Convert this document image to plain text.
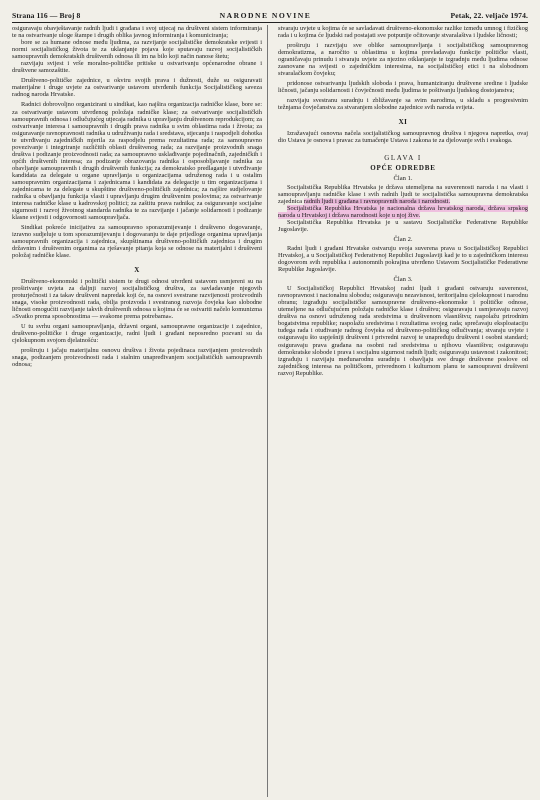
Strana 116 — Broj 8	NARODNE NOVINE	Petak, 22. veljače 1974.

osiguravaju obavještavanje radnih ljudi i građana i svoj utjecaj na društveni sistem informiranja te na ostvarivanje uloge štampe i drugih oblika javnog informiranja i komuniciranja;

bore se za humane odnose među ljudima, za razvijanje socijalističke demokratske svijesti i normi socijalističkog života te za uklanjanje pojava koje sputavaju razvoj socijalističkih samoupravnih demokratskih društvenih odnosa ili im na bilo koji način nanose štetu;

razvijaju svijest i vrše moralno-političke pritiske u ostvarivanju općenarodne obrane i društvene samozaštite.

Društveno-političke zajednice, u okviru svojih prava i dužnosti, duže su osiguravati materijalne i druge uvjete za ostvarivanje ustavom utvrđenih funkcija Socijalističkog saveza radnog naroda Hrvatske.

Radnici dobrovoljno organizirani u sindikat, kao najšira organizacija radničke klase, bore se: za ostvarivanje ustavom utvrđenog položaja radničke klase; za ostvarivanje socijalističkih samoupravnih odnosa i odlučujućeg utjecaja radnika u upravljanju društvenom reprodukcijom; za ostvarivanje interesa i samoupravnih i drugih prava radnika u svim oblastima rada i života; za osiguravanje ravnopravnosti radnika u udruživanju rada i sredstava, stjecanju i raspodjeli dohotka te utvrđivanju zajedničkih mjerila za raspodjelu prema rezultatima rada; za samoupravno povezivanje i integriranje različitih oblasti društvenog rada; za razvijanje proizvodnih snaga društva i podizanje proizvodnosti rada; za samoupravno usklađivanje pojedinačnih, zajedničkih i općih društvenih interesa; za podizanje obrazovanja radnika i osposobljavanje radnika za obavljanje samoupravnih i drugih društvenih funkcija; za demokratsko predlaganje i utvrđivanje kandidata za delegate u organe upravljanja u organizacijama udruženog rada i u ostalim samoupravnim organizacijama i zajednicama i kandidata za delegacije u tim organizacijama i zajednicama te za delegate u skupštine društveno-političkih zajednica; za najšire sudjelovanje radnika u obavljanju funkcija vlasti i upravljanju drugim društvenim poslovima; za ostvarivanje interesa radničke klase u kadrovskoj politici; za zaštitu prava radnika; za osiguravanje socijalne sigurnosti i razvoj životnog standarda radnika te za razvijanje i jačanje solidarnosti i podizanje klasne svijesti i odgovornosti samoupravljača.

Sindikat pokreće inicijativu za samoupravno sporazumijevanje i društveno dogovaranje, izravno sudjeluje u tom sporazumijevanju i dogovaranju te daje prijedloge organima upravljanja samoupravnih organizacija i zajednica, skupštinama društveno-političkih zajednica i drugim državnim i društvenim organima za rješavanje pitanja koja se odnose na materijalni i društveni položaj radničke klase.

X

Društveno-ekonomski i politički sistem te drugi odnosi utvrđeni ustavom usmjereni su na proširivanje uvjeta za daljnji razvoj socijalističkog društva, za savladavanje njegovih proturječnosti i za takav društveni napredak koji će, na osnovi svestrane razvijenosti proizvodnih snaga, visoke proizvodnosti rada, obilja proizvoda i svestranog razvoja čovjeka kao slobodne ličnosti omogućiti razvijanje takvih društvenih odnosa u kojima će se ostvariti načelo komunizma »Svatko prema sposobnostima — svakome prema potrebama«.

U tu svrhu organi samoupravljanja, državni organi, samoupravne organizacije i zajednice, društveno-političke i druge organizacije, radni ljudi i građani neposredno pozvani su da cjelokupnom svojom djelatnošću:

proširuju i jačaju materijalnu osnovu društva i života pojedinaca razvijanjem proizvodnih snaga, podizanjem proizvodnosti rada i stalnim unapređivanjem socijalističkih samoupravnih odnosa;

stvaraju uvjete u kojima će se savladavati društveno-ekonomske razlike između umnog i fizičkog rada i u kojima će ljudski rad postajati sve potpunije očitovanje stvaralaštva i ljudske ličnosti;

proširuju i razvijaju sve oblike samoupravljanja i socijalističkog samoupravnog demokratizma, a naročito u oblastima u kojima prevladavaju funkcije političke vlasti, ograničavaju prinudu i stvaraju uvjete za njezino otklanjanje te izgradnju među ljudima odnose zasnovane na svijesti o zajedničkim interesima, na socijalističkoj etici i na slobodnom stvaralačkom čovjeku;

pridonose ostvarivanju ljudskih sloboda i prava, humaniziranju društvene sredine i ljudske ličnosti, jačanju solidarnosti i čovječnosti među ljudima te poštivanju ljudskog dostojanstva;

razvijaju svestranu suradnju i zbližavanje sa svim narodima, u skladu s progresivnim težnjama čovječanstva za stvaranjem slobodne zajednice svih naroda svijeta.

XI

Izražavajući osnovna načela socijalističkog samoupravnog društva i njegova napretka, ovaj dio Ustava je osnova i pravac za tumačenje Ustava i zakona te za djelovanje svih i svakoga.

GLAVA I
OPĆE ODREDBE
Član 1.

Socijalistička Republika Hrvatska je država utemeljena na suverenosti naroda i na vlasti i samoupravljanju radničke klase i svih radnih ljudi te socijalistička samoupravna demokratska zajednica radnih ljudi i građana i ravnopravnih naroda i narodnosti.

Socijalistička Republika Hrvatska je nacionalna država hrvatskog naroda, država srpskog naroda u Hrvatskoj i država narodnosti koje u njoj žive.

Socijalistička Republika Hrvatska je u sastavu Socijalističke Federativne Republike Jugoslavije.

Član 2.

Radni ljudi i građani Hrvatske ostvaruju svoja suverena prava u Socijalističkoj Republici Hrvatskoj, a u Socijalističkoj Federativnoj Republici Jugoslaviji kad je to u zajedničkom interesu dogovorom svih republika i autonomnih pokrajina utvrđeno Ustavom Socijalističke Federativne Republike Jugoslavije.

Član 3.

U Socijalističkoj Republici Hrvatskoj radni ljudi i građani ostvaruju suverenost, ravnopravnost i nacionalnu slobodu; osiguravaju nezavisnost, teritorijalnu cjelokupnost i narodnu obranu; izgrađuju socijalističke samoupravne društveno-ekonomske i političke odnose, utemeljene na odlučujućem položaju radničke klase i društvu; osiguravaju i usmjeravaju razvoj društva na osnovi udruženog rada sredstvima u društvenom vlasništvu; raspolažu prirodnim bogatstvima republike; raspolažu sredstvima i rezultatima svojeg rada; sprečavaju eksploataciju tuđega rada i otuđivanje radnog čovjeka od društveno-političkog odlučivanja; stvaraju uvjete i osiguravaju što uspješniji društveni i privredni razvoj te unapređuju društveni i osobni standard; osiguravaju prava građana na osobni rad sredstvima u njihovu vlasništvu; osiguravaju demokratske slobode i prava i socijalnu sigurnost radnih ljudi; osiguravaju ustavnost i zakonitost; izgrađuju i razvijaju međunarodnu suradnju i obavljaju sve druge društvene poslove od zajedničkog interesa na političkom, privrednom i kulturnom planu te samoupravni društveni razvoj Republike.
